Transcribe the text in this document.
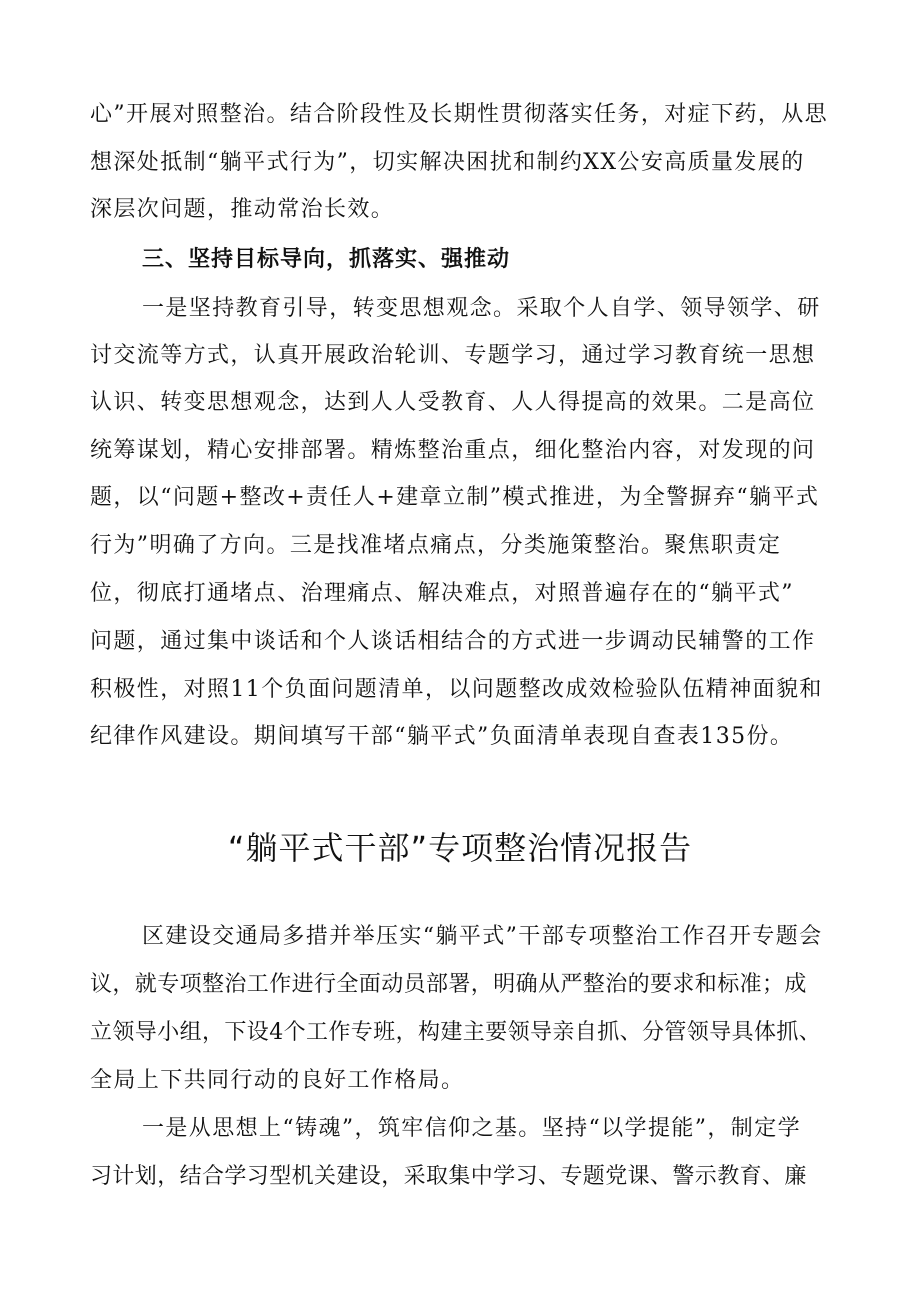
心”开展对照整治。结合阶段性及长期性贯彻落实任务，对症下药，从思
想深处抵制“躺平式行为”，切实解决困扰和制约XX公安高质量发展的
深层次问题，推动常治长效。
三、坚持目标导向，抓落实、强推动
一是坚持教育引导，转变思想观念。采取个人自学、领导领学、研
讨交流等方式，认真开展政治轮训、专题学习，通过学习教育统一思想
认识、转变思想观念，达到人人受教育、人人得提高的效果。二是高位
统筹谋划，精心安排部署。精炼整治重点，细化整治内容，对发现的问
题，以“问题+整改+责任人+建章立制”模式推进，为全警摒弃“躺平式
行为”明确了方向。三是找准堵点痛点，分类施策整治。聚焦职责定
位，彻底打通堵点、治理痛点、解决难点，对照普遍存在的“躺平式”
问题，通过集中谈话和个人谈话相结合的方式进一步调动民辅警的工作
积极性，对照11个负面问题清单，以问题整改成效检验队伍精神面貌和
纪律作风建设。期间填写干部“躺平式”负面清单表现自查表135份。
“躺平式干部”专项整治情况报告
区建设交通局多措并举压实“躺平式”干部专项整治工作召开专题会
议，就专项整治工作进行全面动员部署，明确从严整治的要求和标准；成
立领导小组，下设4个工作专班，构建主要领导亲自抓、分管领导具体抓、
全局上下共同行动的良好工作格局。
一是从思想上“铸魂”，筑牢信仰之基。坚持“以学提能”，制定学
习计划，结合学习型机关建设，采取集中学习、专题党课、警示教育、廉
